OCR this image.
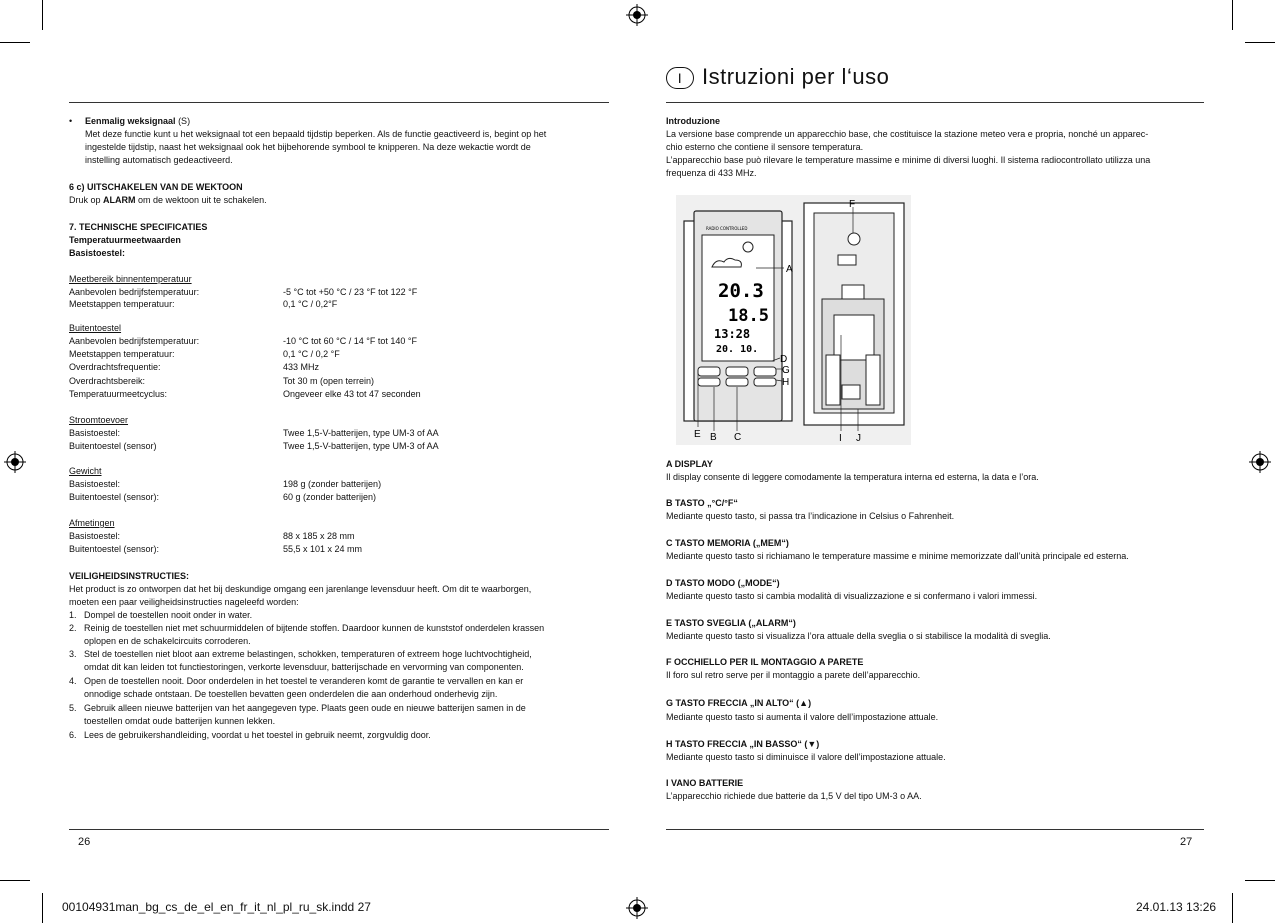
• Eenmalig weksignaal (S)
Met deze functie kunt u het weksignaal tot een bepaald tijdstip beperken. Als de functie geactiveerd is, begint op het
ingestelde tijdstip, naast het weksignaal ook het bijbehorende symbool te knipperen. Na deze wekactie wordt de
instelling automatisch gedeactiveerd.
6 c) UITSCHAKELEN VAN DE WEKTOON
Druk op ALARM om de wektoon uit te schakelen.
7. TECHNISCHE SPECIFICATIES
Temperatuurmeetwaarden
Basistoestel:
Meetbereik binnentemperatuur
Aanbevolen bedrijfstemperatuur:	-5 °C tot +50 °C / 23 °F tot 122 °F
Meetstappen temperatuur:	0,1 °C / 0,2°F
Buitentoestel
Aanbevolen bedrijfstemperatuur:	-10 °C tot 60 °C / 14 °F tot 140 °F
Meetstappen temperatuur:	0,1 °C / 0,2 °F
Overdrachtsfrequentie:	433 MHz
Overdrachtsbereik:	Tot 30 m (open terrein)
Temperatuurmeetcyclus:	Ongeveer elke 43 tot 47 seconden
Stroomtoevoer
Basistoestel:	Twee 1,5-V-batterijen, type UM-3 of AA
Buitentoestel (sensor)	Twee 1,5-V-batterijen, type UM-3 of AA
Gewicht
Basistoestel:	198 g (zonder batterijen)
Buitentoestel (sensor):	60 g (zonder batterijen)
Afmetingen
Basistoestel:	88 x 185 x 28 mm
Buitentoestel (sensor):	55,5 x 101 x 24 mm
VEILIGHEIDSINSTRUCTIES:
Het product is zo ontworpen dat het bij deskundige omgang een jarenlange levensduur heeft. Om dit te waarborgen,
moeten een paar veiligheidsinstructies nageleefd worden:
1. Dompel de toestellen nooit onder in water.
2. Reinig de toestellen niet met schuurmiddelen of bijtende stoffen. Daardoor kunnen de kunststof onderdelen krassen
oplopen en de schakelcircuits corroderen.
3. Stel de toestellen niet bloot aan extreme belastingen, schokken, temperaturen of extreem hoge luchtvochtigheid,
omdat dit kan leiden tot functiestoringen, verkorte levensduur, batterijschade en vervorming van componenten.
4. Open de toestellen nooit. Door onderdelen in het toestel te veranderen komt de garantie te vervallen en kan er
onnodige schade ontstaan. De toestellen bevatten geen onderdelen die aan onderhoud onderhevig zijn.
5. Gebruik alleen nieuwe batterijen van het aangegeven type. Plaats geen oude en nieuwe batterijen samen in de
toestellen omdat oude batterijen kunnen lekken.
6. Lees de gebruikershandleiding, voordat u het toestel in gebruik neemt, zorgvuldig door.
26
I Istruzioni per l‘uso
Introduzione
La versione base comprende un apparecchio base, che costituisce la stazione meteo vera e propria, nonché un apparec-
chio esterno che contiene il sensore temperatura.
L’apparecchio base può rilevare le temperature massime e minime di diversi luoghi. Il sistema radiocontrollato utilizza una
frequenza di 433 MHz.
RADIO CONTROLLED
20.3
18.5
13:28
20. 10.
A
B C
D
E
F
G
H
I J
A DISPLAY
Il display consente di leggere comodamente la temperatura interna ed esterna, la data e l’ora.
B TASTO „°C/°F“
Mediante questo tasto, si passa tra l’indicazione in Celsius o Fahrenheit.
C TASTO MEMORIA („MEM“)
Mediante questo tasto si richiamano le temperature massime e minime memorizzate dall’unità principale ed esterna.
D TASTO MODO („MODE“)
Mediante questo tasto si cambia modalità di visualizzazione e si confermano i valori immessi.
E TASTO SVEGLIA („ALARM“)
Mediante questo tasto si visualizza l’ora attuale della sveglia o si stabilisce la modalità di sveglia.
F OCCHIELLO PER IL MONTAGGIO A PARETE
Il foro sul retro serve per il montaggio a parete dell’apparecchio.
G TASTO FRECCIA „IN ALTO“ (▲)
Mediante questo tasto si aumenta il valore dell’impostazione attuale.
H TASTO FRECCIA „IN BASSO“ (▼)
Mediante questo tasto si diminuisce il valore dell’impostazione attuale.
I VANO BATTERIE
L’apparecchio richiede due batterie da 1,5 V del tipo UM-3 o AA.
27
00104931man_bg_cs_de_el_en_fr_it_nl_pl_ru_sk.indd 27	24.01.13 13:26
